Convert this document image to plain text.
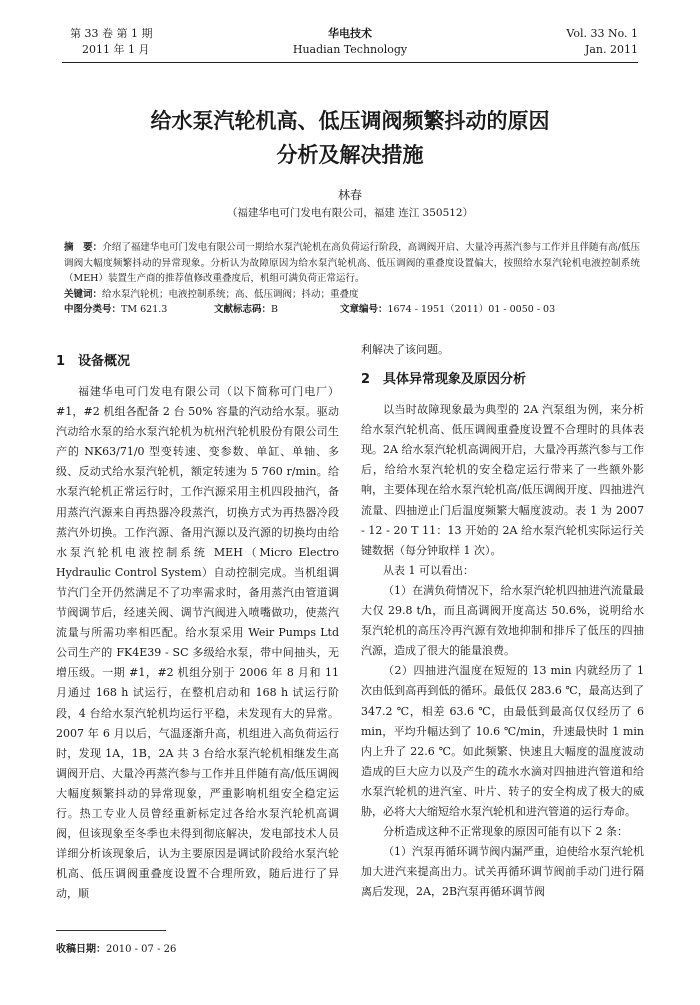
第 33 卷 第 1 期
2011 年 1 月
华电技术
Huadian Technology
Vol. 33 No. 1
Jan. 2011
给水泵汽轮机高、低压调阀频繁抖动的原因
分析及解决措施
林春
（福建华电可门发电有限公司，福建 连江 350512）

摘　要：介绍了福建华电可门发电有限公司一期给水泵汽轮机在高负荷运行阶段，高调阀开启、大量冷再蒸汽参与工作并且伴随有高/低压调阀大幅度频繁抖动的异常现象。分析认为故障原因为给水泵汽轮机高、低压调阀的重叠度设置偏大，按照给水泵汽轮机电液控制系统（MEH）装置生产商的推荐值修改重叠度后，机组可满负荷正常运行。

关键词：给水泵汽轮机；电液控制系统；高、低压调阀；抖动；重叠度

中图分类号：TM 621.3	文献标志码：B	文章编号：1674 - 1951（2011）01 - 0050 - 03
1　设备概况

福建华电可门发电有限公司（以下简称可门电厂）#1，#2 机组各配备 2 台 50% 容量的汽动给水泵。驱动汽动给水泵的给水泵汽轮机为杭州汽轮机股份有限公司生产的 NK63/71/0 型变转速、变参数、单缸、单轴、多级、反动式给水泵汽轮机，额定转速为 5 760 r/min。给水泵汽轮机正常运行时，工作汽源采用主机四段抽汽，备用蒸汽汽源来自再热器冷段蒸汽，切换方式为再热器冷段蒸汽外切换。工作汽源、备用汽源以及汽源的切换均由给水泵汽轮机电液控制系统 MEH（Micro Electro Hydraulic Control System）自动控制完成。当机组调节汽门全开仍然满足不了功率需求时，备用蒸汽由管道调节阀调节后，经速关阀、调节汽阀进入喷嘴做功，使蒸汽流量与所需功率相匹配。给水泵采用 Weir Pumps Ltd 公司生产的 FK4E39 - SC 多级给水泵，带中间抽头，无增压级。一期 #1，#2 机组分别于 2006 年 8 月和 11 月通过 168 h 试运行，在整机启动和 168 h 试运行阶段，4 台给水泵汽轮机均运行平稳，未发现有大的异常。2007 年 6 月以后，气温逐渐升高，机组进入高负荷运行时，发现 1A，1B，2A 共 3 台给水泵汽轮机相继发生高调阀开启、大量冷再蒸汽参与工作并且伴随有高/低压调阀大幅度频繁抖动的异常现象，严重影响机组安全稳定运行。热工专业人员曾经重新标定过各给水泵汽轮机高调阀，但该现象至冬季也未得到彻底解决，发电部技术人员详细分析该现象后，认为主要原因是调试阶段给水泵汽轮机高、低压调阀重叠度设置不合理所致，随后进行了异动，顺

利解决了该问题。

2　具体异常现象及原因分析

以当时故障现象最为典型的 2A 汽泵组为例，来分析给水泵汽轮机高、低压调阀重叠度设置不合理时的具体表现。2A 给水泵汽轮机高调阀开启，大量冷再蒸汽参与工作后，给给水泵汽轮机的安全稳定运行带来了一些额外影响，主要体现在给水泵汽轮机高/低压调阀开度、四抽进汽流量、四抽逆止门后温度频繁大幅度波动。表 1 为 2007 - 12 - 20 T 11：13 开始的 2A 给水泵汽轮机实际运行关键数据（每分钟取样 1 次）。

从表 1 可以看出：

（1）在满负荷情况下，给水泵汽轮机四抽进汽流量最大仅 29.8 t/h，而且高调阀开度高达 50.6%，说明给水泵汽轮机的高压冷再汽源有效地抑制和排斥了低压的四抽汽源，造成了很大的能量浪费。

（2）四抽进汽温度在短短的 13 min 内就经历了 1 次由低到高再到低的循环。最低仅 283.6 ℃，最高达到了 347.2 ℃，相差 63.6 ℃，由最低到最高仅仅经历了 6 min，平均升幅达到了 10.6 ℃/min，升速最快时 1 min 内上升了 22.6 ℃。如此频繁、快速且大幅度的温度波动造成的巨大应力以及产生的疏水水滴对四抽进汽管道和给水泵汽轮机的进汽室、叶片、转子的安全构成了极大的威胁，必将大大缩短给水泵汽轮机和进汽管道的运行寿命。

分析造成这种不正常现象的原因可能有以下 2 条：

（1）汽泵再循环调节阀内漏严重，迫使给水泵汽轮机加大进汽来提高出力。试关再循环调节阀前手动门进行隔离后发现，2A，2B汽泵再循环调节阀

收稿日期：2010 - 07 - 26
